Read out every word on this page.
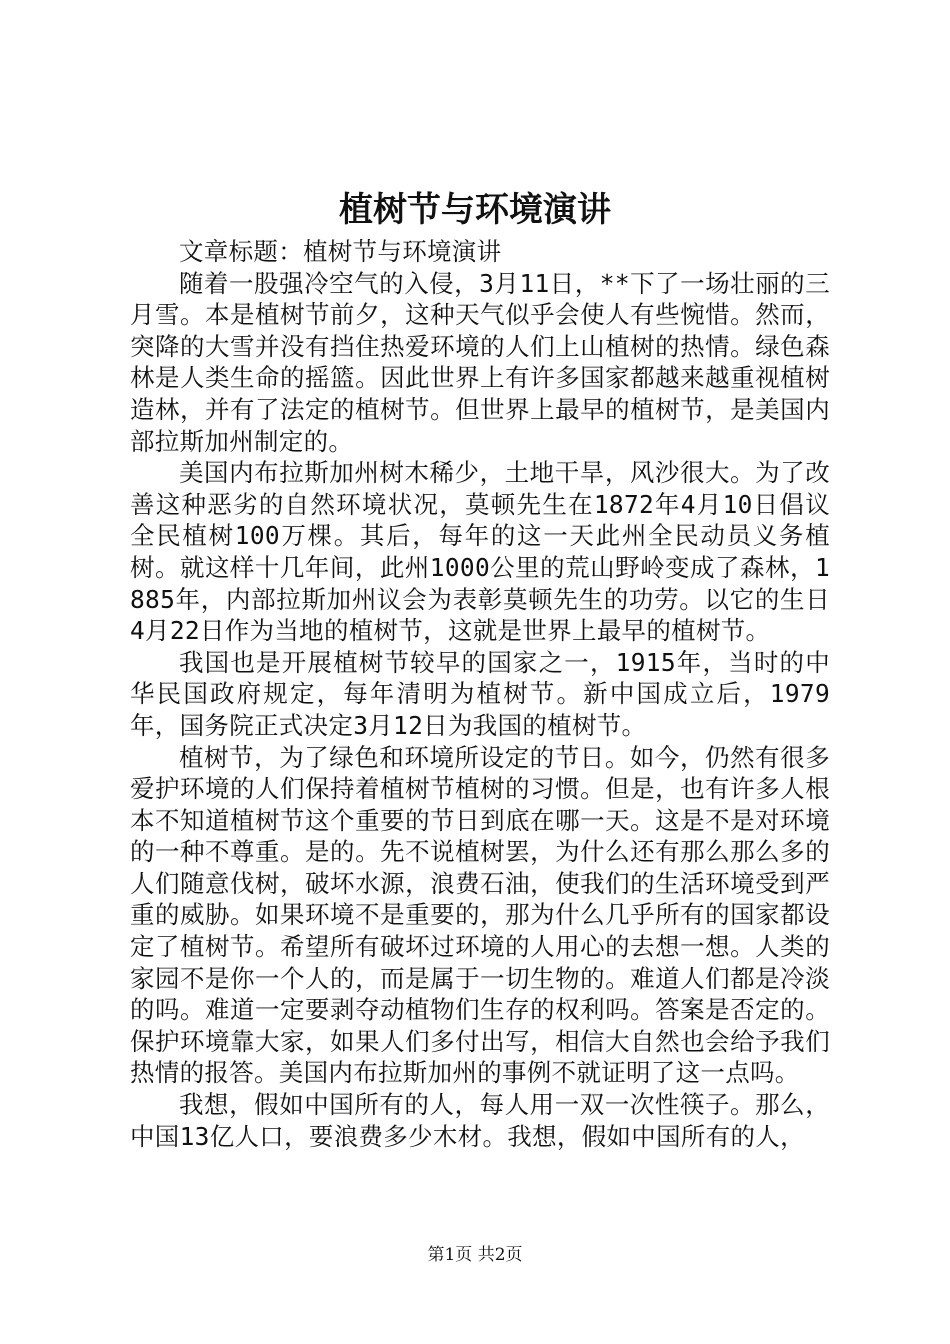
植树节与环境演讲

文章标题：植树节与环境演讲

随着一股强冷空气的入侵，3月11日，**下了一场壮丽的三月雪。本是植树节前夕，这种天气似乎会使人有些惋惜。然而，突降的大雪并没有挡住热爱环境的人们上山植树的热情。绿色森林是人类生命的摇篮。因此世界上有许多国家都越来越重视植树造林，并有了法定的植树节。但世界上最早的植树节，是美国内部拉斯加州制定的。

美国内布拉斯加州树木稀少，土地干旱，风沙很大。为了改善这种恶劣的自然环境状况，莫顿先生在1872年4月10日倡议全民植树100万棵。其后，每年的这一天此州全民动员义务植树。就这样十几年间，此州1000公里的荒山野岭变成了森林，1885年，内部拉斯加州议会为表彰莫顿先生的功劳。以它的生日4月22日作为当地的植树节，这就是世界上最早的植树节。

我国也是开展植树节较早的国家之一，1915年，当时的中华民国政府规定，每年清明为植树节。新中国成立后，1979年，国务院正式决定3月12日为我国的植树节。

植树节，为了绿色和环境所设定的节日。如今，仍然有很多爱护环境的人们保持着植树节植树的习惯。但是，也有许多人根本不知道植树节这个重要的节日到底在哪一天。这是不是对环境的一种不尊重。是的。先不说植树罢，为什么还有那么那么多的人们随意伐树，破坏水源，浪费石油，使我们的生活环境受到严重的威胁。如果环境不是重要的，那为什么几乎所有的国家都设定了植树节。希望所有破坏过环境的人用心的去想一想。人类的家园不是你一个人的，而是属于一切生物的。难道人们都是冷淡的吗。难道一定要剥夺动植物们生存的权利吗。答案是否定的。保护环境靠大家，如果人们多付出写，相信大自然也会给予我们热情的报答。美国内布拉斯加州的事例不就证明了这一点吗。

我想，假如中国所有的人，每人用一双一次性筷子。那么，中国13亿人口，要浪费多少木材。我想，假如中国所有的人，

第1页 共2页
